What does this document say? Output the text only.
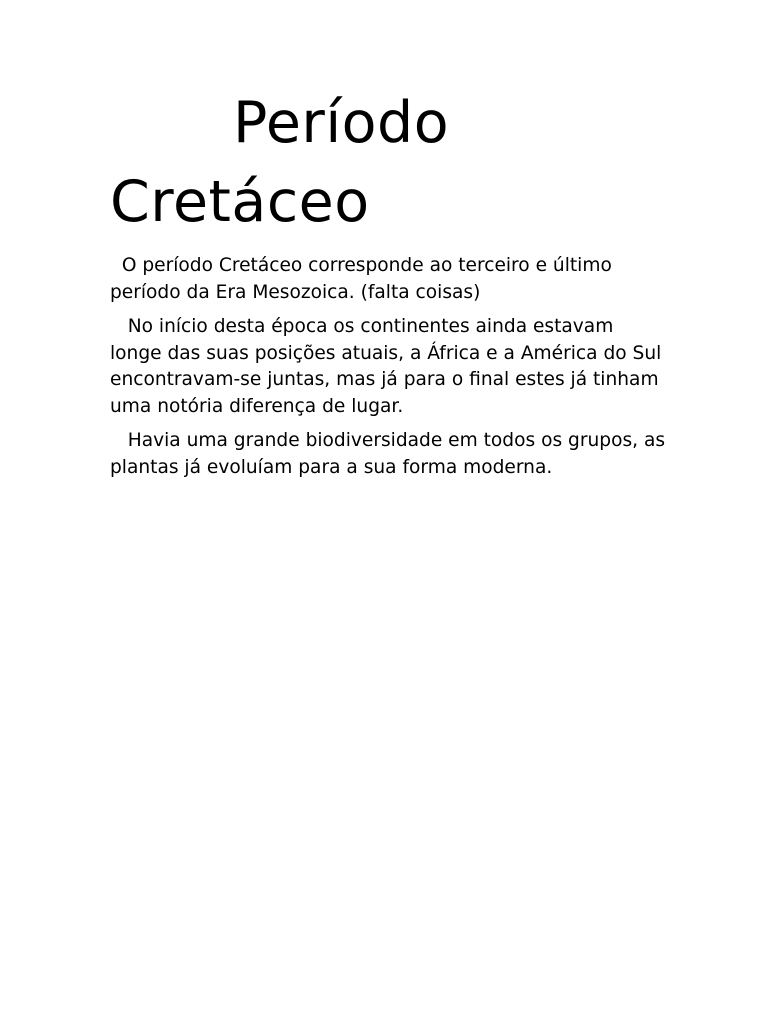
Período
Cretáceo

O período Cretáceo corresponde ao terceiro e último período da Era Mesozoica. (falta coisas)

No início desta época os continentes ainda estavam longe das suas posições atuais, a África e a América do Sul encontravam-se juntas, mas já para o final estes já tinham uma notória diferença de lugar.

Havia uma grande biodiversidade em todos os grupos, as plantas já evoluíam para a sua forma moderna.
